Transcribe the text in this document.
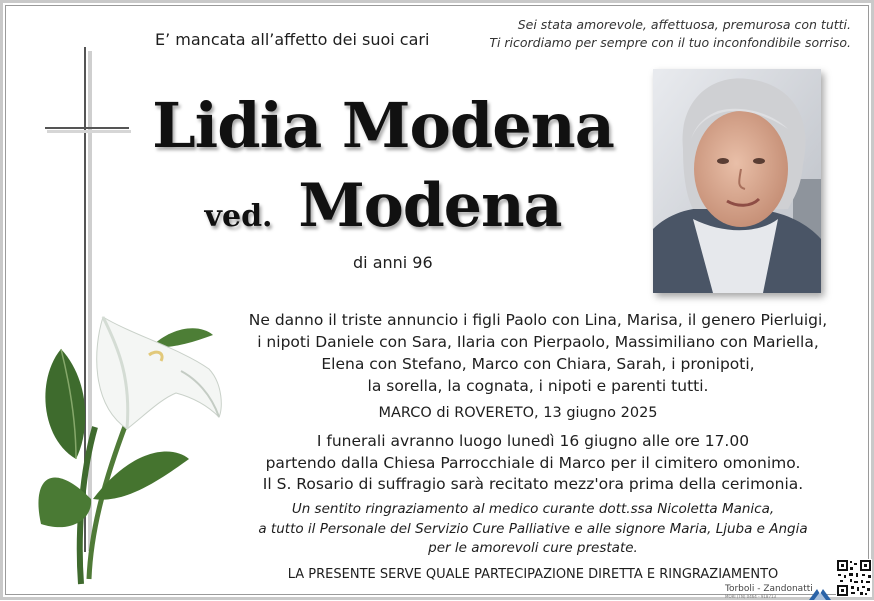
E’ mancata all’affetto dei suoi cari
Sei stata amorevole, affettuosa, premurosa con tutti.
Ti ricordiamo per sempre con il tuo inconfondibile sorriso.
Lidia Modena
ved. Modena
di anni 96
Ne danno il triste annuncio i figli Paolo con Lina, Marisa, il genero Pierluigi,
i nipoti Daniele con Sara, Ilaria con Pierpaolo, Massimiliano con Mariella,
Elena con Stefano, Marco con Chiara, Sarah, i pronipoti,
la sorella, la cognata, i nipoti e parenti tutti.
MARCO di ROVERETO, 13 giugno 2025
I funerali avranno luogo lunedì 16 giugno alle ore 17.00
partendo dalla Chiesa Parrocchiale di Marco per il cimitero omonimo.
Il S. Rosario di suffragio sarà recitato mezz'ora prima della cerimonia.
Un sentito ringraziamento al medico curante dott.ssa Nicoletta Manica,
a tutto il Personale del Servizio Cure Palliative e alle signore Maria, Ljuba e Angia
per le amorevoli cure prestate.
LA PRESENTE SERVE QUALE PARTECIPAZIONE DIRETTA E RINGRAZIAMENTO
Torboli - Zandonatti
MORI (TN) 0464 - 918713
